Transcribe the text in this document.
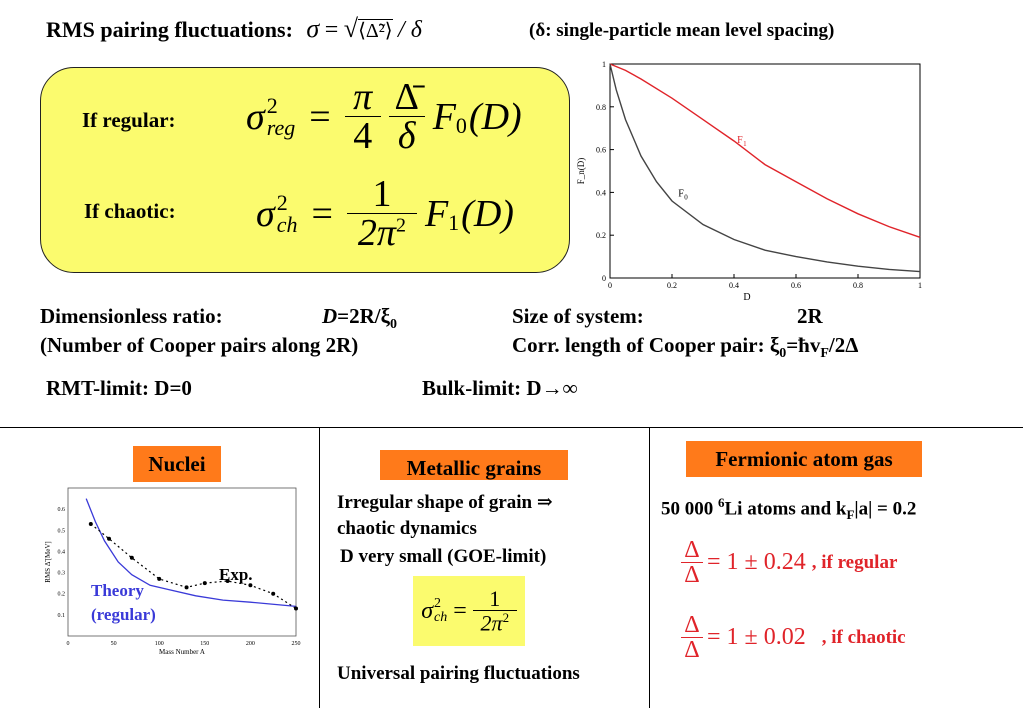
RMS pairing fluctuations: σ = √⟨Δ̃²⟩ / δ	(δ: single-particle mean level spacing)
If regular:
If chaotic:
σ 2
reg = $\frac{\pi}{4} \frac{\Deltā}{\delta}$ F 0 (D)
σ 2
ch = $\frac{1}{2\pi^2}$ F 1 (D)
0	0.2	0.4	0.6	0.8	1
0
0.2
0.4
0.6
0.8
1
D
F_n(D)
F 1
F 0
Dimensionless ratio:	$D=2R/\xi_0$
(Number of Cooper pairs along 2R)
Size of system:	2R
Corr. length of Cooper pair: $\xi_0=ħv_F/2\Delta$
RMT-limit: D=0	Bulk-limit: D→∞
Nuclei
0	50	100	150	200	250
0.1
0.2
0.3
0.4
0.5
0.6
Mass Number A
RMS Δ̃ [MeV]	Exp.
Theory
(regular)
Metallic grains
Irregular shape of grain ⇒
chaotic dynamics
D very small (GOE-limit)
σ 2
ch = $\frac{1}{2\pi^2}$
Universal pairing fluctuations
Fermionic atom gas
50 000 $^6$Li atoms and $k_F|a| = 0.2$
$\frac{\Delta}{\Delta} = 1 \pm 0.24$ , if regular
$\frac{\Delta}{\Delta} = 1 \pm 0.02$ , if chaotic
